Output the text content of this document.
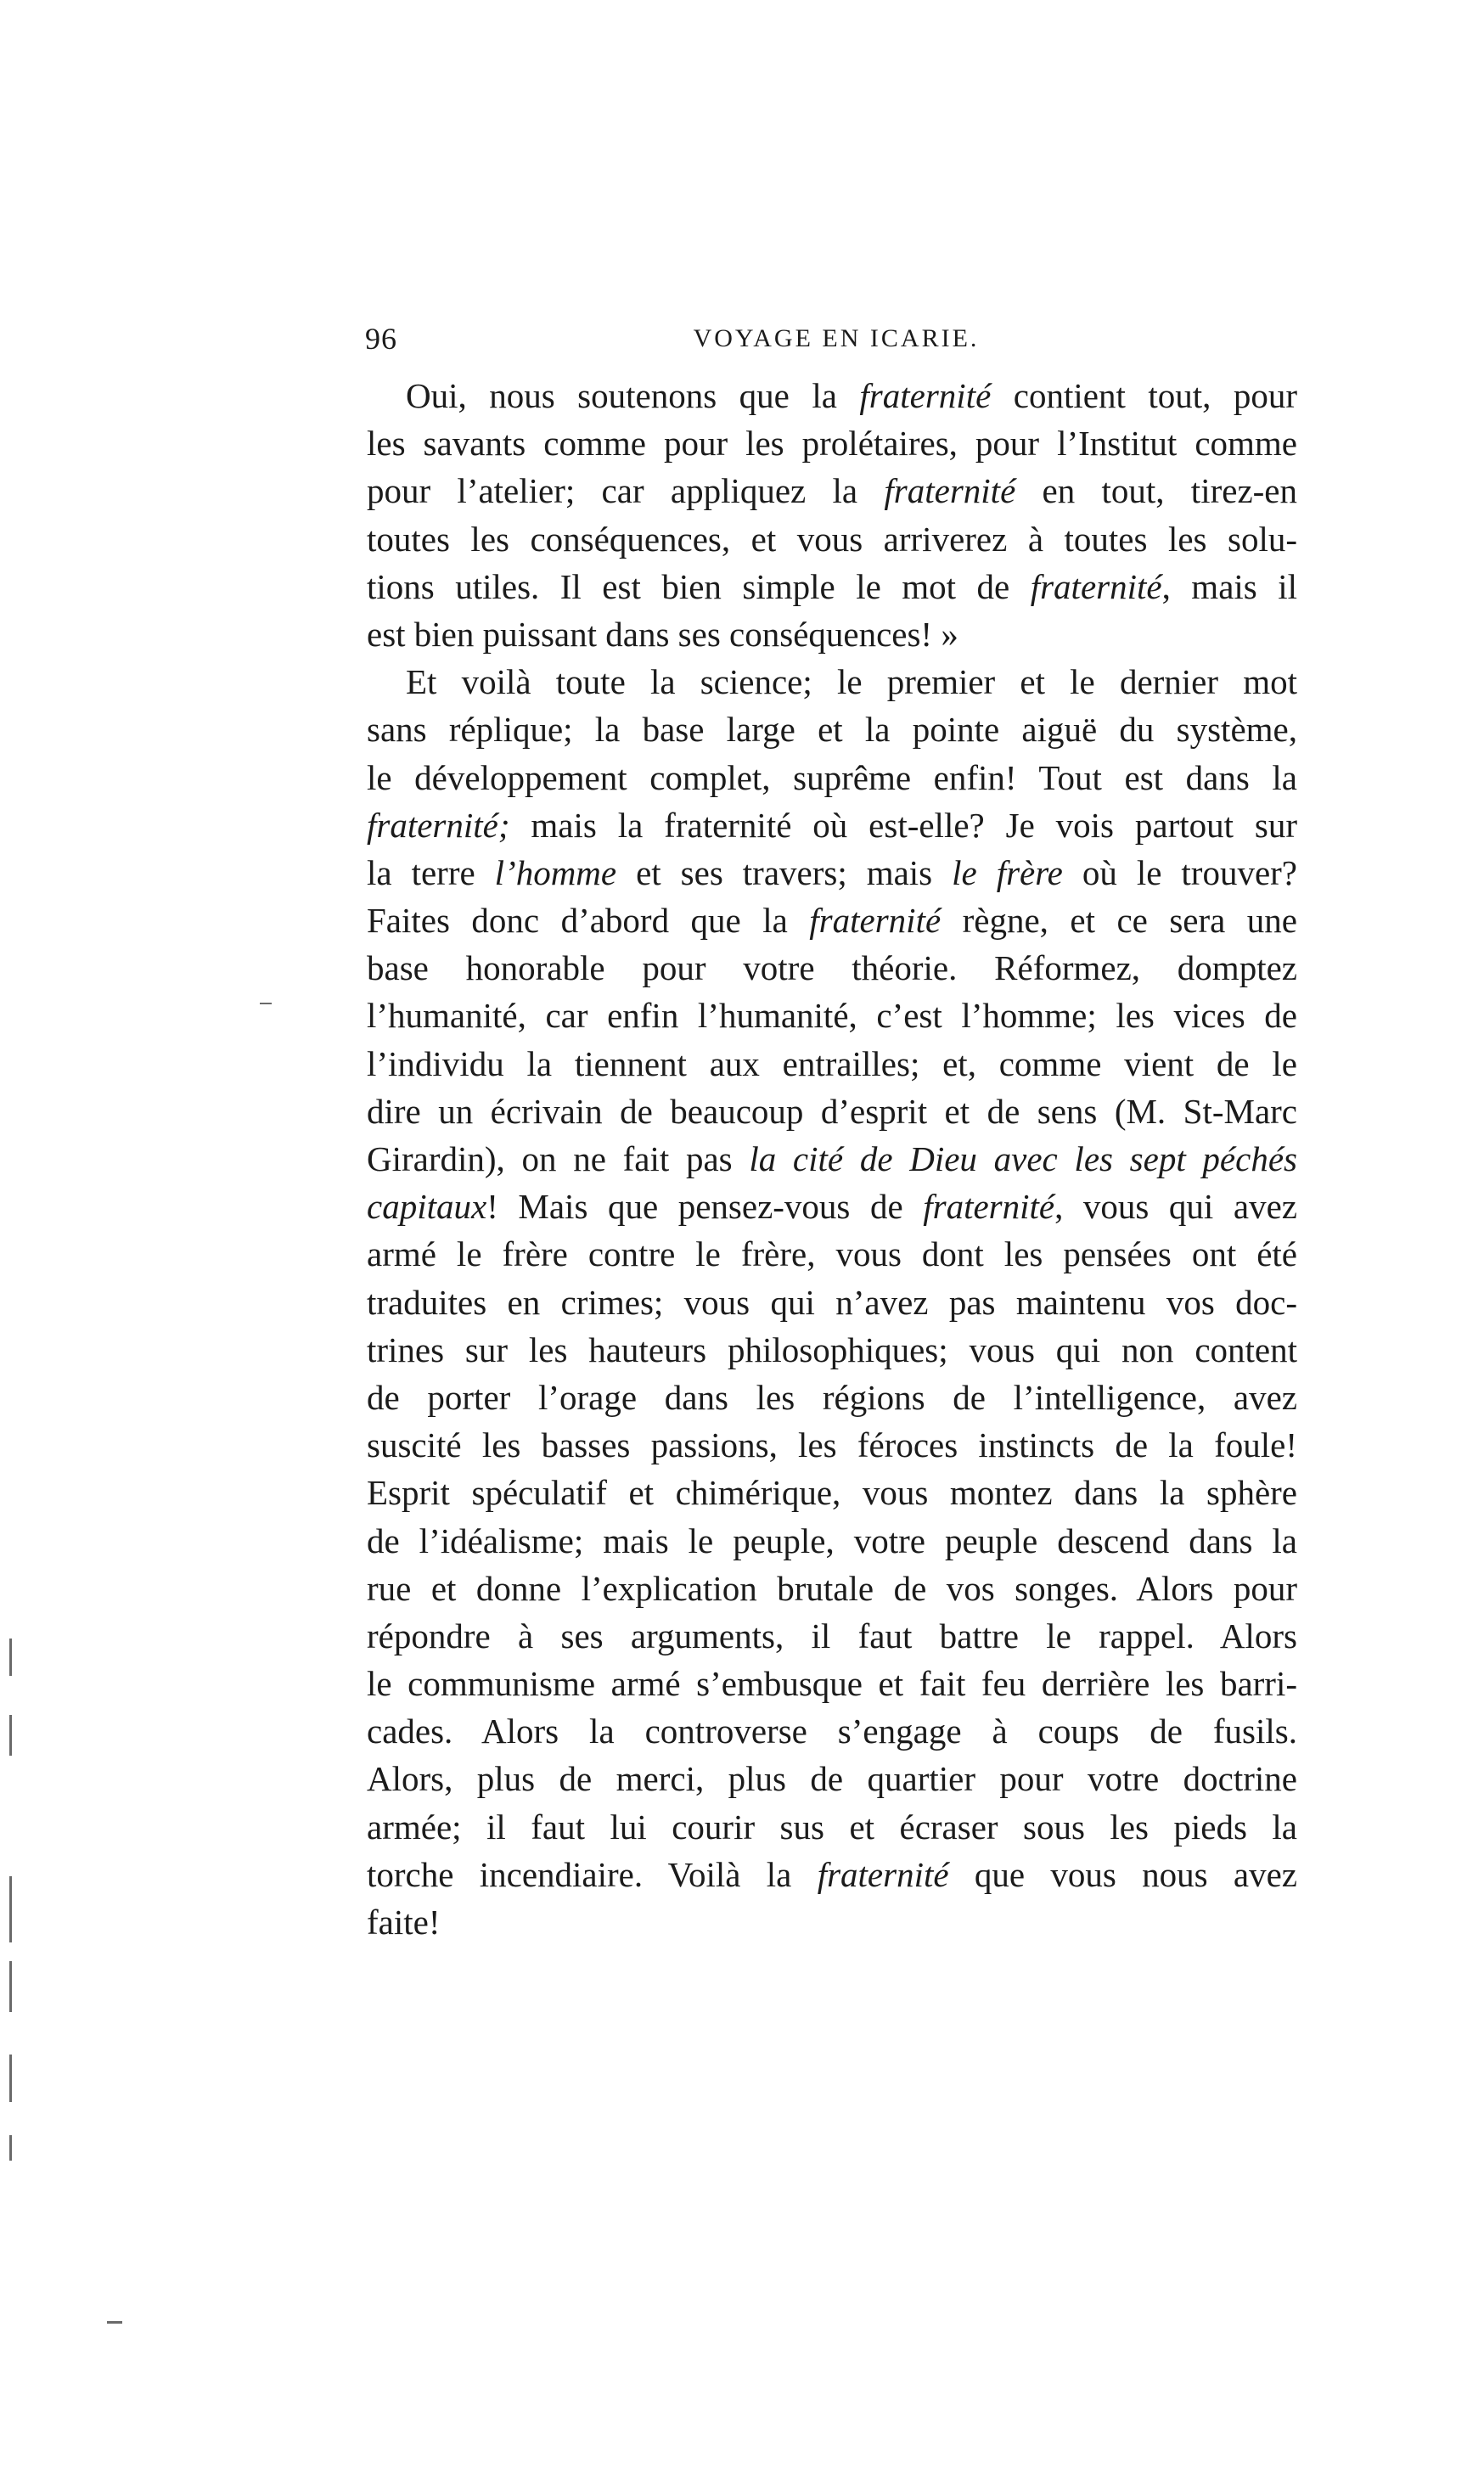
96	VOYAGE EN ICARIE.
Oui, nous soutenons que la fraternité contient tout, pour
les savants comme pour les prolétaires, pour l’Institut comme
pour l’atelier; car appliquez la fraternité en tout, tirez-en
toutes les conséquences, et vous arriverez à toutes les solu-
tions utiles. Il est bien simple le mot de fraternité, mais il
est bien puissant dans ses conséquences! »
Et voilà toute la science; le premier et le dernier mot
sans réplique; la base large et la pointe aiguë du système,
le développement complet, suprême enfin! Tout est dans la
fraternité; mais la fraternité où est-elle? Je vois partout sur
la terre l’homme et ses travers; mais le frère où le trouver?
Faites donc d’abord que la fraternité règne, et ce sera une
base honorable pour votre théorie. Réformez, domptez
l’humanité, car enfin l’humanité, c’est l’homme; les vices de
l’individu la tiennent aux entrailles; et, comme vient de le
dire un écrivain de beaucoup d’esprit et de sens (M. St-Marc
Girardin), on ne fait pas la cité de Dieu avec les sept péchés
capitaux! Mais que pensez-vous de fraternité, vous qui avez
armé le frère contre le frère, vous dont les pensées ont été
traduites en crimes; vous qui n’avez pas maintenu vos doc-
trines sur les hauteurs philosophiques; vous qui non content
de porter l’orage dans les régions de l’intelligence, avez
suscité les basses passions, les féroces instincts de la foule!
Esprit spéculatif et chimérique, vous montez dans la sphère
de l’idéalisme; mais le peuple, votre peuple descend dans la
rue et donne l’explication brutale de vos songes. Alors pour
répondre à ses arguments, il faut battre le rappel. Alors
le communisme armé s’embusque et fait feu derrière les barri-
cades. Alors la controverse s’engage à coups de fusils.
Alors, plus de merci, plus de quartier pour votre doctrine
armée; il faut lui courir sus et écraser sous les pieds la
torche incendiaire. Voilà la fraternité que vous nous avez
faite!
